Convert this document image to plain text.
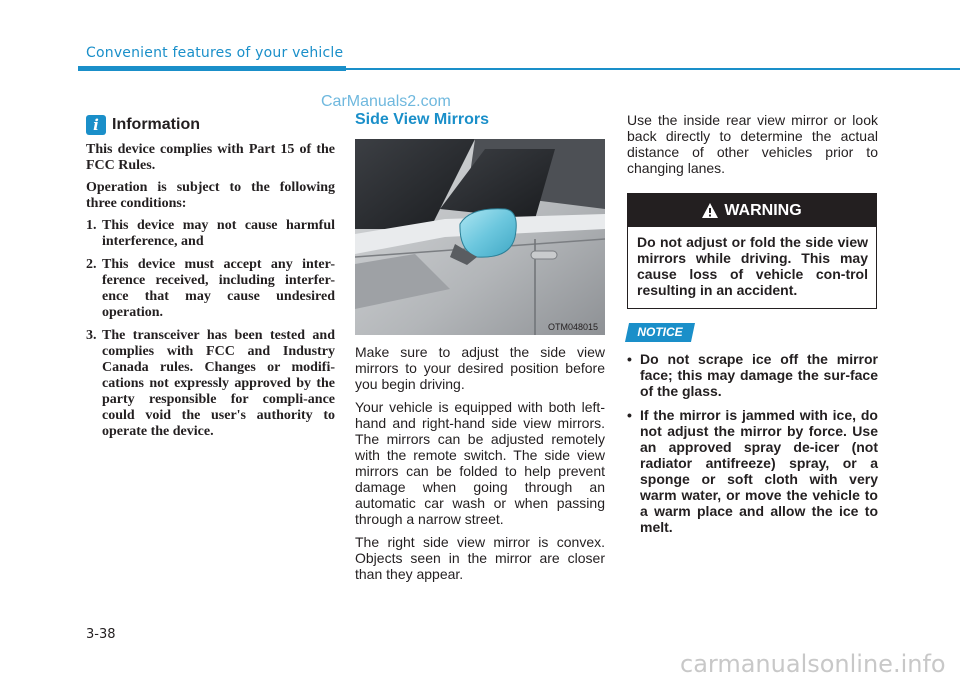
Convenient features of your vehicle
CarManuals2.com
i Information

This device complies with Part 15 of the FCC Rules.

Operation is subject to the following three conditions:

1. This device may not cause harmful interference, and
2. This device must accept any inter-ference received, including interfer-ence that may cause undesired operation.
3. The transceiver has been tested and complies with FCC and Industry Canada rules. Changes or modifi-cations not expressly approved by the party responsible for compli-ance could void the user's authority to operate the device.
Side View Mirrors
OTM048015

Make sure to adjust the side view mirrors to your desired position before you begin driving.

Your vehicle is equipped with both left-hand and right-hand side view mirrors. The mirrors can be adjusted remotely with the remote switch. The side view mirrors can be folded to help prevent damage when going through an automatic car wash or when passing through a narrow street.

The right side view mirror is convex. Objects seen in the mirror are closer than they appear.

Use the inside rear view mirror or look back directly to determine the actual distance of other vehicles prior to changing lanes.

WARNING
Do not adjust or fold the side view mirrors while driving. This may cause loss of vehicle con-trol resulting in an accident.
NOTICE
• Do not scrape ice off the mirror face; this may damage the sur-face of the glass.
• If the mirror is jammed with ice, do not adjust the mirror by force. Use an approved spray de-icer (not radiator antifreeze) spray, or a sponge or soft cloth with very warm water, or move the vehicle to a warm place and allow the ice to melt.
3-38
carmanualsonline.info
